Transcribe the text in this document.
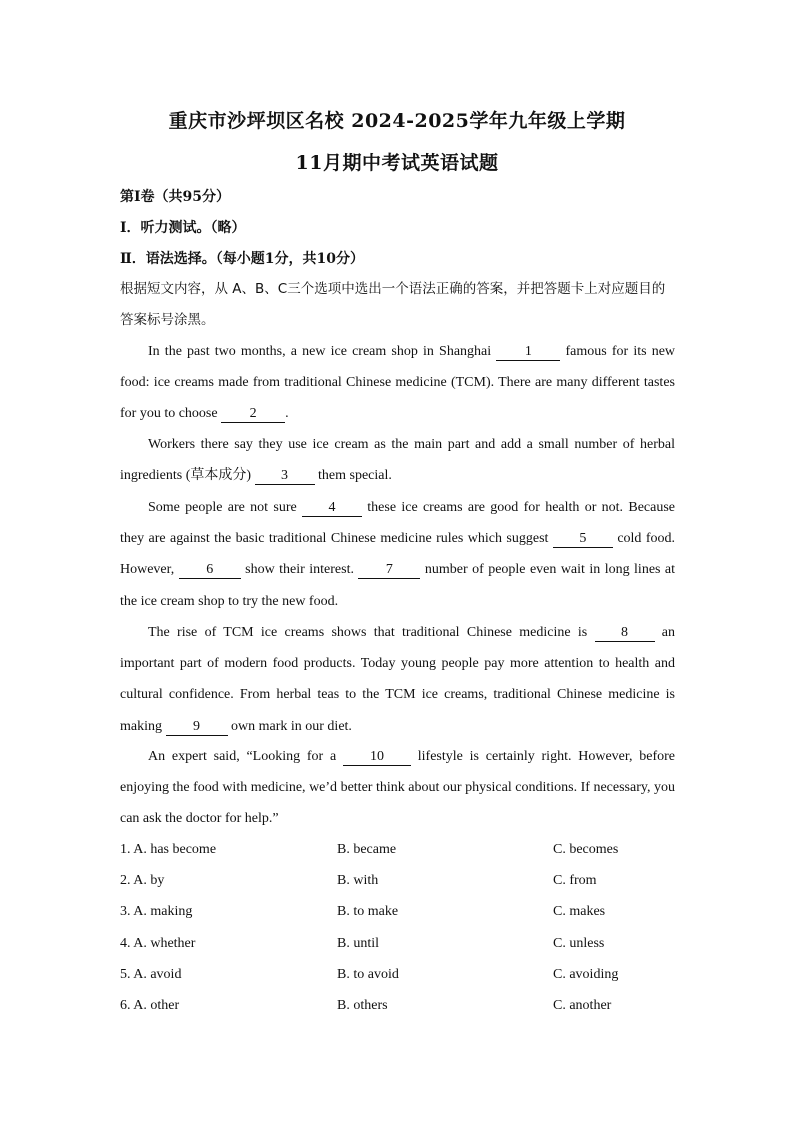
重庆市沙坪坝区名校 2024-2025学年九年级上学期
11月期中考试英语试题
第Ⅰ卷（共95分）
Ⅰ．听力测试。（略）
Ⅱ．语法选择。（每小题1分，共10分）
根据短文内容，从 A、B、C三个选项中选出一个语法正确的答案，并把答题卡上对应题目的答案标号涂黑。
In the past two months, a new ice cream shop in Shanghai 1 famous for its new food: ice creams made from traditional Chinese medicine (TCM). There are many different tastes for you to choose 2 .
Workers there say they use ice cream as the main part and add a small number of herbal ingredients (草本成分) 3 them special.
Some people are not sure 4 these ice creams are good for health or not. Because they are against the basic traditional Chinese medicine rules which suggest 5 cold food. However, 6 show their interest. 7 number of people even wait in long lines at the ice cream shop to try the new food.
The rise of TCM ice creams shows that traditional Chinese medicine is 8 an important part of modern food products. Today young people pay more attention to health and cultural confidence. From herbal teas to the TCM ice creams, traditional Chinese medicine is making 9 own mark in our diet.
An expert said, “Looking for a 10 lifestyle is certainly right. However, before enjoying the food with medicine, we’d better think about our physical conditions. If necessary, you can ask the doctor for help.”
1. A. has become	B. became	C. becomes
2. A. by	B. with	C. from
3. A. making	B. to make	C. makes
4. A. whether	B. until	C. unless
5. A. avoid	B. to avoid	C. avoiding
6. A. other	B. others	C. another
